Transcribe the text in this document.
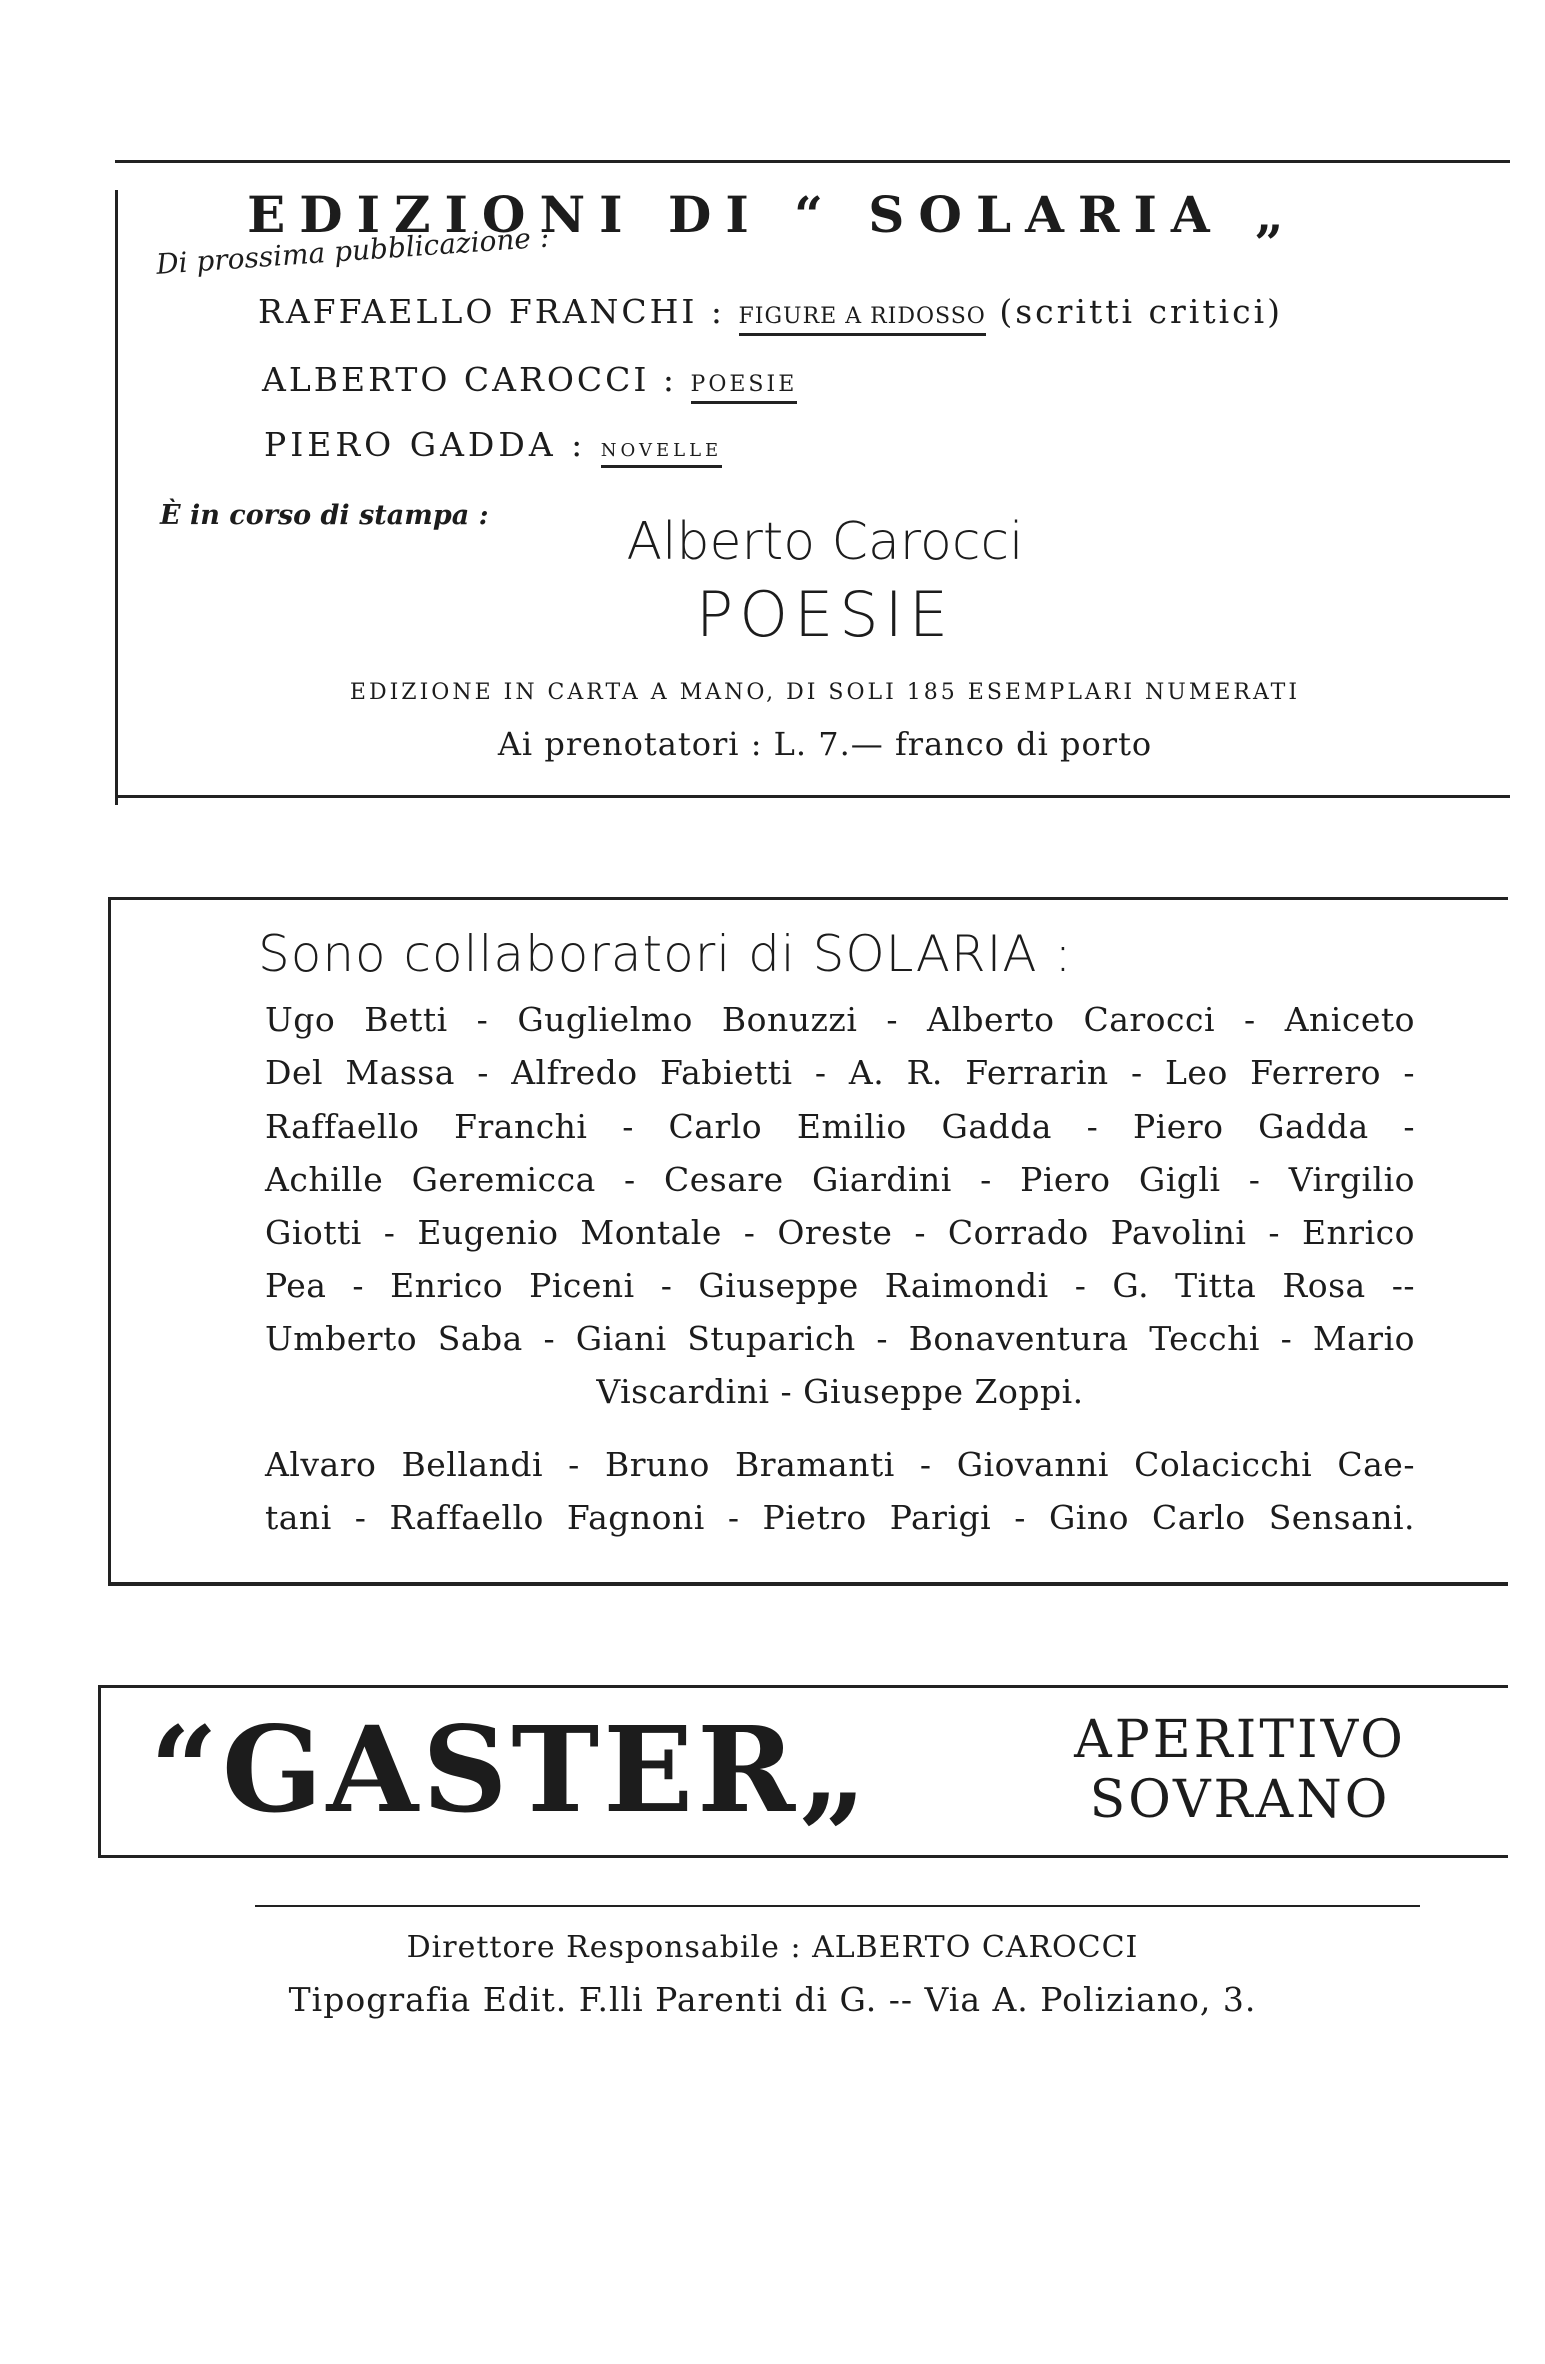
EDIZIONI DI “ SOLARIA „
Di prossima pubblicazione :
RAFFAELLO FRANCHI : FIGURE A RIDOSSO (scritti critici)
ALBERTO CAROCCI : POESIE
PIERO GADDA : NOVELLE
È in corso di stampa :	Alberto Carocci
POESIE
EDIZIONE IN CARTA A MANO, DI SOLI 185 ESEMPLARI NUMERATI
Ai prenotatori : L. 7.— franco di porto
Sono collaboratori di SOLARIA :
Ugo Betti - Guglielmo Bonuzzi - Alberto Carocci - Aniceto
Del Massa - Alfredo Fabietti - A. R. Ferrarin - Leo Ferrero -
Raffaello Franchi - Carlo Emilio Gadda - Piero Gadda -
Achille Geremicca - Cesare Giardini - Piero Gigli - Virgilio
Giotti - Eugenio Montale - Oreste - Corrado Pavolini - Enrico
Pea - Enrico Piceni - Giuseppe Raimondi - G. Titta Rosa --
Umberto Saba - Giani Stuparich - Bonaventura Tecchi - Mario
Viscardini - Giuseppe Zoppi.
Alvaro Bellandi - Bruno Bramanti - Giovanni Colacicchi Cae-
tani - Raffaello Fagnoni - Pietro Parigi - Gino Carlo Sensani.
“GASTER„	APERITIVO
SOVRANO
Direttore Responsabile : ALBERTO CAROCCI
Tipografia Edit. F.lli Parenti di G. -- Via A. Poliziano, 3.
